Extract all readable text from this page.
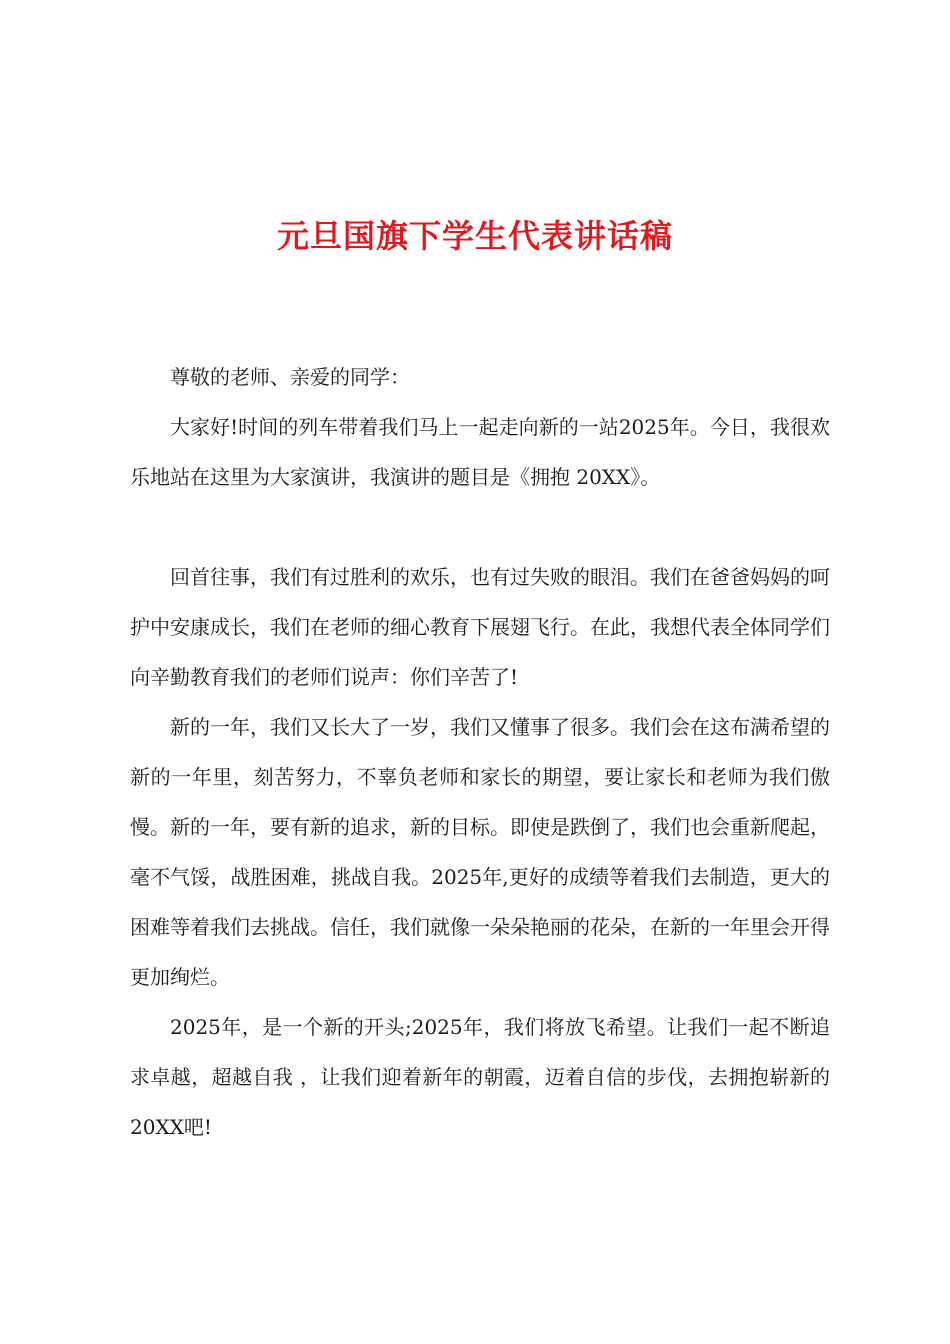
元旦国旗下学生代表讲话稿

尊敬的老师、亲爱的同学：

大家好!时间的列车带着我们马上一起走向新的一站2025年。今日，我很欢乐地站在这里为大家演讲，我演讲的题目是《拥抱 20XX》。

回首往事，我们有过胜利的欢乐，也有过失败的眼泪。我们在爸爸妈妈的呵护中安康成长，我们在老师的细心教育下展翅飞行。在此，我想代表全体同学们向辛勤教育我们的老师们说声：你们辛苦了!

新的一年，我们又长大了一岁，我们又懂事了很多。我们会在这布满希望的新的一年里，刻苦努力，不辜负老师和家长的期望，要让家长和老师为我们傲慢。新的一年，要有新的追求，新的目标。即使是跌倒了，我们也会重新爬起，毫不气馁，战胜困难，挑战自我。2025年,更好的成绩等着我们去制造，更大的困难等着我们去挑战。信任，我们就像一朵朵艳丽的花朵，在新的一年里会开得更加绚烂。

2025年，是一个新的开头;2025年，我们将放飞希望。让我们一起不断追求卓越，超越自我 ，让我们迎着新年的朝霞，迈着自信的步伐，去拥抱崭新的20XX吧!
